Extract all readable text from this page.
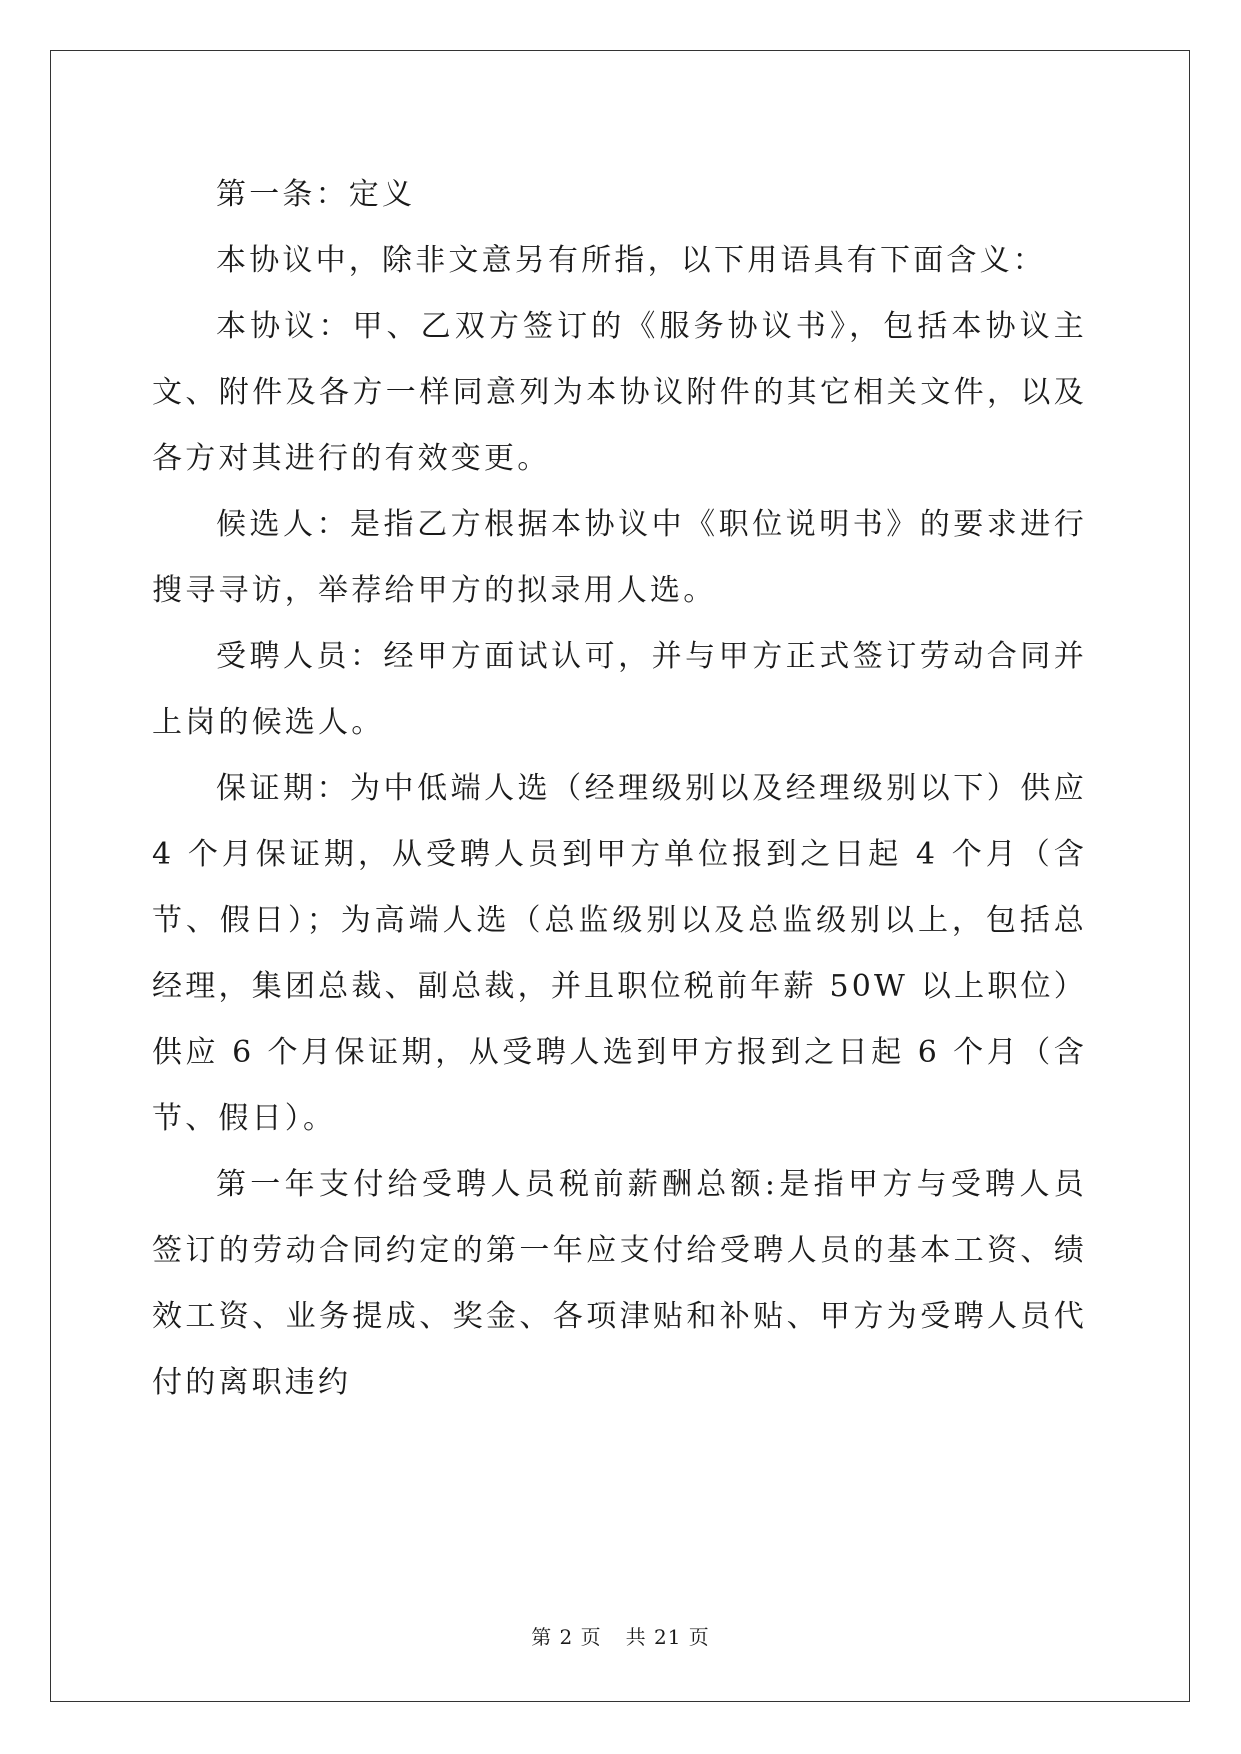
第一条：定义

本协议中，除非文意另有所指，以下用语具有下面含义：

本协议：甲、乙双方签订的《服务协议书》，包括本协议主文、附件及各方一样同意列为本协议附件的其它相关文件，以及各方对其进行的有效变更。

候选人：是指乙方根据本协议中《职位说明书》的要求进行搜寻寻访，举荐给甲方的拟录用人选。

受聘人员：经甲方面试认可，并与甲方正式签订劳动合同并上岗的候选人。

保证期：为中低端人选（经理级别以及经理级别以下）供应 4 个月保证期，从受聘人员到甲方单位报到之日起 4 个月（含节、假日）；为高端人选（总监级别以及总监级别以上，包括总经理，集团总裁、副总裁，并且职位税前年薪 50W 以上职位）供应 6 个月保证期，从受聘人选到甲方报到之日起 6 个月（含节、假日）。

第一年支付给受聘人员税前薪酬总额:是指甲方与受聘人员签订的劳动合同约定的第一年应支付给受聘人员的基本工资、绩效工资、业务提成、奖金、各项津贴和补贴、甲方为受聘人员代付的离职违约

第 2 页 共 21 页
